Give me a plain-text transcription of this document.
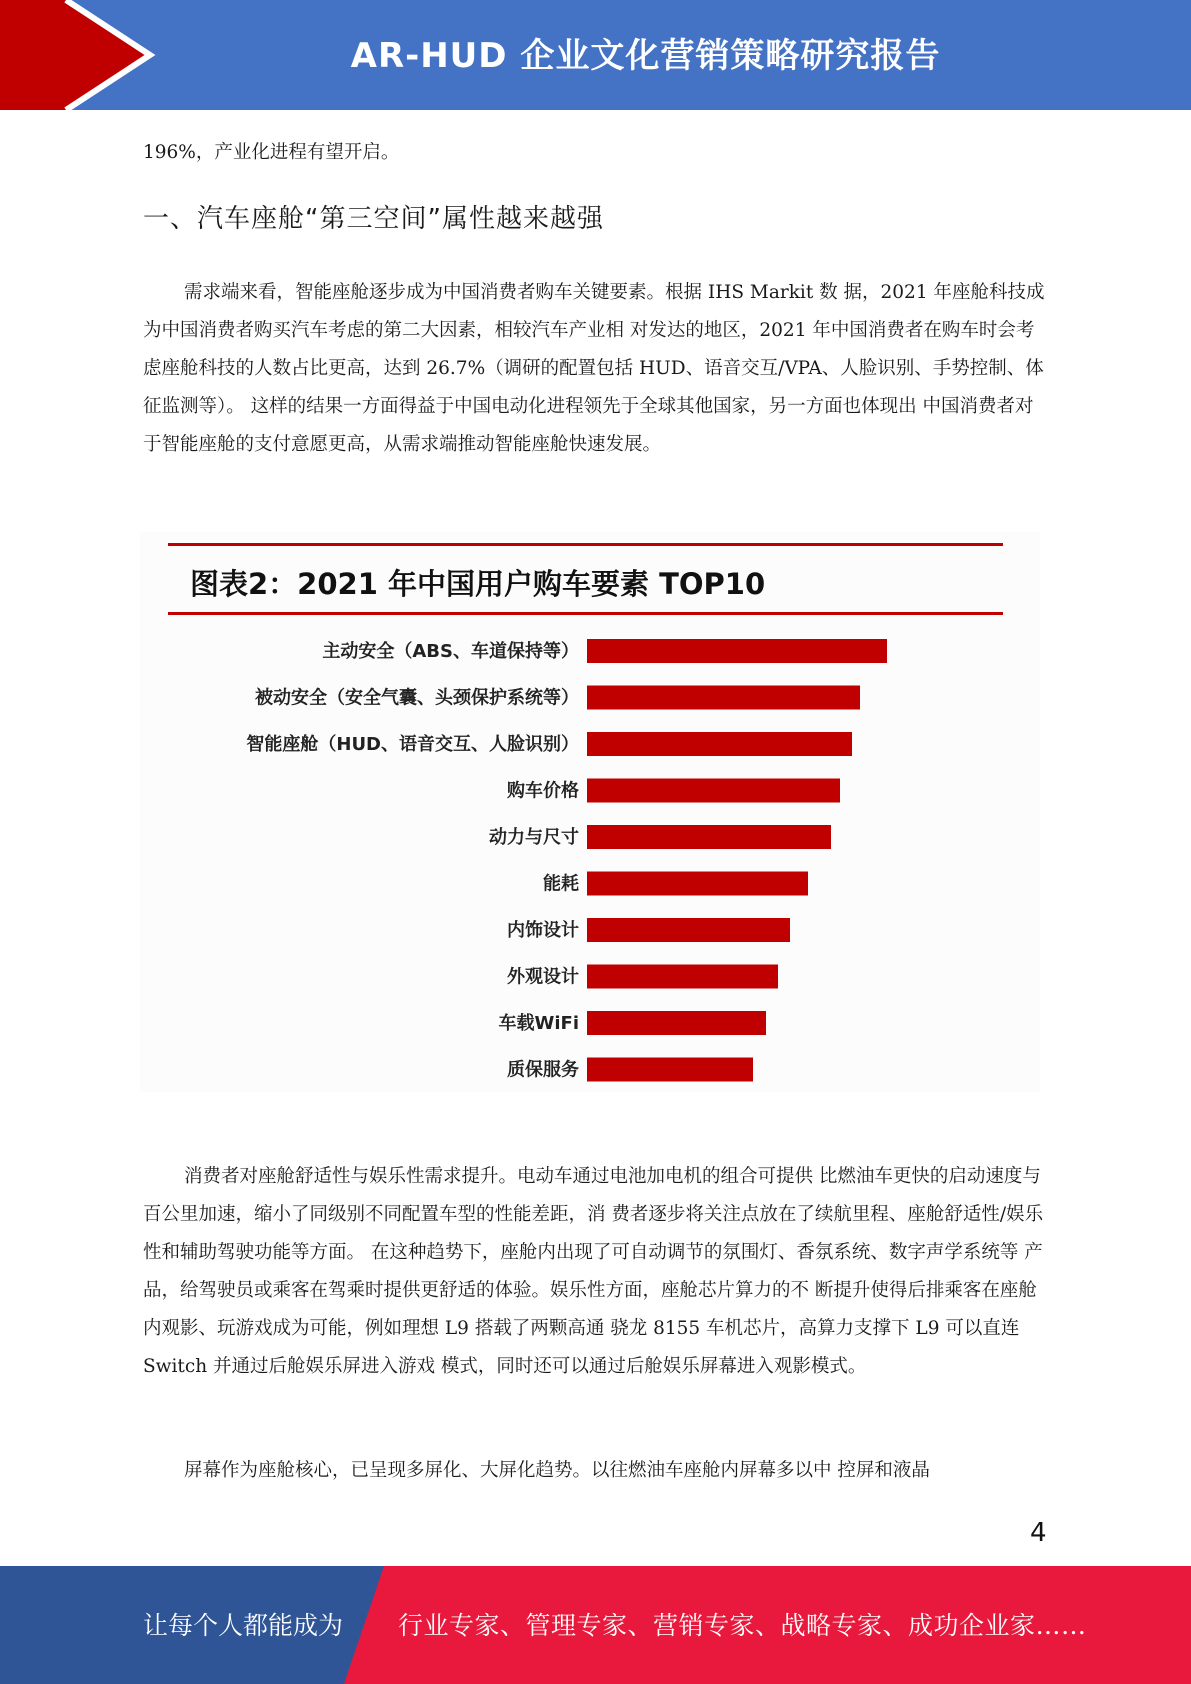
AR-HUD 企业文化营销策略研究报告

196%，产业化进程有望开启。

一、汽车座舱“第三空间”属性越来越强

需求端来看，智能座舱逐步成为中国消费者购车关键要素。根据 IHS Markit 数 据，2021 年座舱科技成为中国消费者购买汽车考虑的第二大因素，相较汽车产业相 对发达的地区，2021 年中国消费者在购车时会考虑座舱科技的人数占比更高，达到 26.7%（调研的配置包括 HUD、语音交互/VPA、人脸识别、手势控制、体征监测等）。 这样的结果一方面得益于中国电动化进程领先于全球其他国家，另一方面也体现出 中国消费者对于智能座舱的支付意愿更高，从需求端推动智能座舱快速发展。

图表2：2021 年中国用户购车要素 TOP10
主动安全（ABS、车道保持等）
被动安全（安全气囊、头颈保护系统等）
智能座舱（HUD、语音交互、人脸识别）
购车价格
动力与尺寸
能耗
内饰设计
外观设计
车载WiFi
质保服务

消费者对座舱舒适性与娱乐性需求提升。电动车通过电池加电机的组合可提供 比燃油车更快的启动速度与百公里加速，缩小了同级别不同配置车型的性能差距，消 费者逐步将关注点放在了续航里程、座舱舒适性/娱乐性和辅助驾驶功能等方面。 在这种趋势下，座舱内出现了可自动调节的氛围灯、香氛系统、数字声学系统等 产品，给驾驶员或乘客在驾乘时提供更舒适的体验。娱乐性方面，座舱芯片算力的不 断提升使得后排乘客在座舱内观影、玩游戏成为可能，例如理想 L9 搭载了两颗高通 骁龙 8155 车机芯片，高算力支撑下 L9 可以直连 Switch 并通过后舱娱乐屏进入游戏 模式，同时还可以通过后舱娱乐屏幕进入观影模式。

屏幕作为座舱核心，已呈现多屏化、大屏化趋势。以往燃油车座舱内屏幕多以中 控屏和液晶

4
让每个人都能成为 行业专家、管理专家、营销专家、战略专家、成功企业家……
